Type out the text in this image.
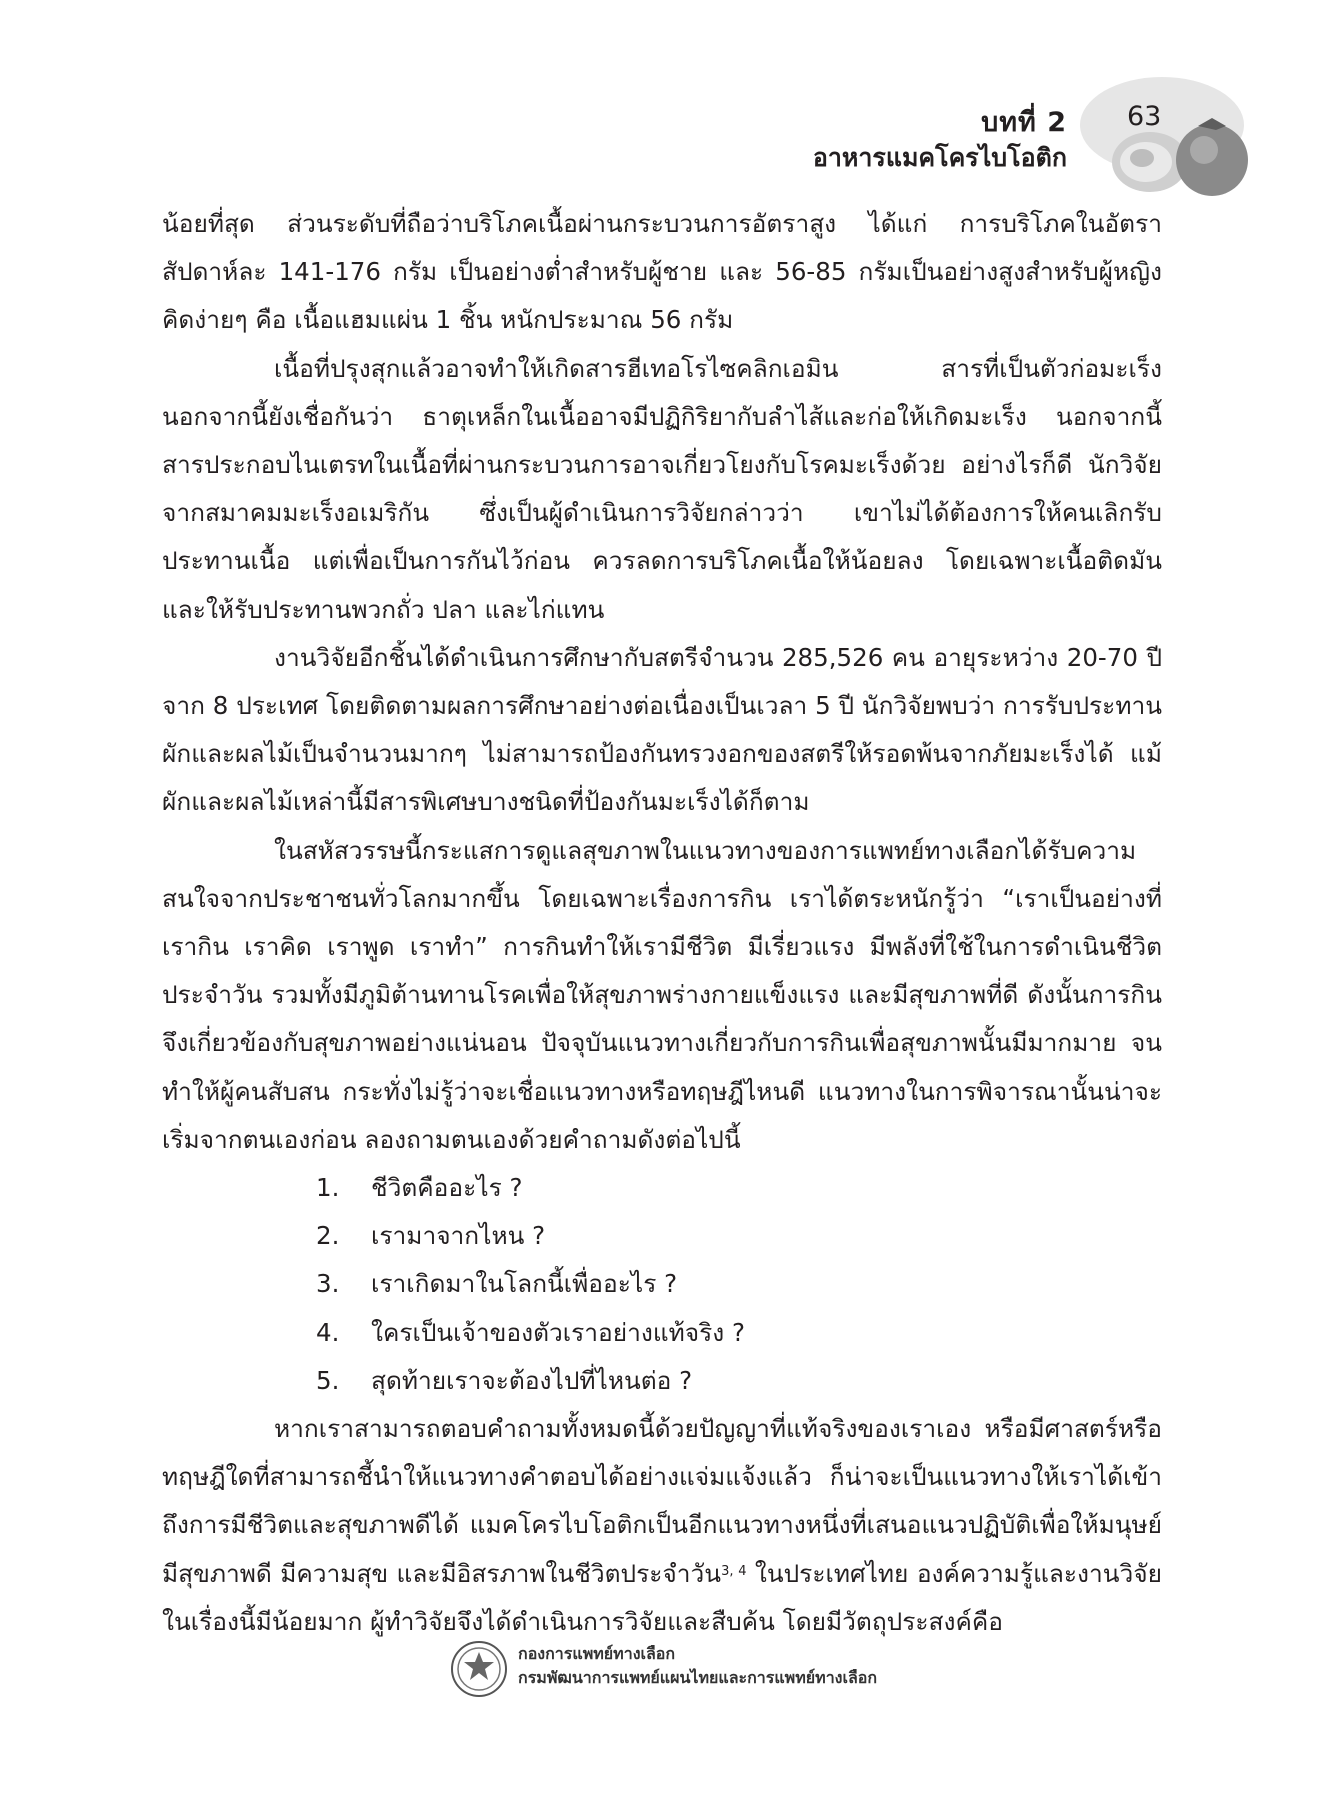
บทที่ 2
อาหารแมคโครไบโอติก
63

น้อยที่สุด ส่วนระดับที่ถือว่าบริโภคเนื้อผ่านกระบวนการอัตราสูง ได้แก่ การบริโภคในอัตราสัปดาห์ละ 141-176 กรัม เป็นอย่างต่ำสำหรับผู้ชาย และ 56-85 กรัมเป็นอย่างสูงสำหรับผู้หญิง คิดง่ายๆ คือ เนื้อแฮมแผ่น 1 ชิ้น หนักประมาณ 56 กรัม

เนื้อที่ปรุงสุกแล้วอาจทำให้เกิดสารฮีเทอโรไซคลิกเอมิน สารที่เป็นตัวก่อมะเร็ง นอกจากนี้ยังเชื่อกันว่า ธาตุเหล็กในเนื้ออาจมีปฏิกิริยากับลำไส้และก่อให้เกิดมะเร็ง นอกจากนี้สารประกอบไนเตรทในเนื้อที่ผ่านกระบวนการอาจเกี่ยวโยงกับโรคมะเร็งด้วย อย่างไรก็ดี นักวิจัยจากสมาคมมะเร็งอเมริกัน ซึ่งเป็นผู้ดำเนินการวิจัยกล่าวว่า เขาไม่ได้ต้องการให้คนเลิกรับประทานเนื้อ แต่เพื่อเป็นการกันไว้ก่อน ควรลดการบริโภคเนื้อให้น้อยลง โดยเฉพาะเนื้อติดมัน และให้รับประทานพวกถั่ว ปลา และไก่แทน

งานวิจัยอีกชิ้นได้ดำเนินการศึกษากับสตรีจำนวน 285,526 คน อายุระหว่าง 20-70 ปี จาก 8 ประเทศ โดยติดตามผลการศึกษาอย่างต่อเนื่องเป็นเวลา 5 ปี นักวิจัยพบว่า การรับประทานผักและผลไม้เป็นจำนวนมากๆ ไม่สามารถป้องกันทรวงอกของสตรีให้รอดพ้นจากภัยมะเร็งได้ แม้ผักและผลไม้เหล่านี้มีสารพิเศษบางชนิดที่ป้องกันมะเร็งได้ก็ตาม

ในสหัสวรรษนี้กระแสการดูแลสุขภาพในแนวทางของการแพทย์ทางเลือกได้รับความสนใจจากประชาชนทั่วโลกมากขึ้น โดยเฉพาะเรื่องการกิน เราได้ตระหนักรู้ว่า “เราเป็นอย่างที่เรากิน เราคิด เราพูด เราทำ” การกินทำให้เรามีชีวิต มีเรี่ยวแรง มีพลังที่ใช้ในการดำเนินชีวิตประจำวัน รวมทั้งมีภูมิต้านทานโรคเพื่อให้สุขภาพร่างกายแข็งแรง และมีสุขภาพที่ดี ดังนั้นการกินจึงเกี่ยวข้องกับสุขภาพอย่างแน่นอน ปัจจุบันแนวทางเกี่ยวกับการกินเพื่อสุขภาพนั้นมีมากมาย จนทำให้ผู้คนสับสน กระทั่งไม่รู้ว่าจะเชื่อแนวทางหรือทฤษฎีไหนดี แนวทางในการพิจารณานั้นน่าจะเริ่มจากตนเองก่อน ลองถามตนเองด้วยคำถามดังต่อไปนี้

1.	ชีวิตคืออะไร ?
2.	เรามาจากไหน ?
3.	เราเกิดมาในโลกนี้เพื่ออะไร ?
4.	ใครเป็นเจ้าของตัวเราอย่างแท้จริง ?
5.	สุดท้ายเราจะต้องไปที่ไหนต่อ ?

หากเราสามารถตอบคำถามทั้งหมดนี้ด้วยปัญญาที่แท้จริงของเราเอง หรือมีศาสตร์หรือทฤษฎีใดที่สามารถชี้นำให้แนวทางคำตอบได้อย่างแจ่มแจ้งแล้ว ก็น่าจะเป็นแนวทางให้เราได้เข้าถึงการมีชีวิตและสุขภาพดีได้ แมคโครไบโอติกเป็นอีกแนวทางหนึ่งที่เสนอแนวปฏิบัติเพื่อให้มนุษย์มีสุขภาพดี มีความสุข และมีอิสรภาพในชีวิตประจำวัน$^{3, 4}$ ในประเทศไทย องค์ความรู้และงานวิจัยในเรื่องนี้มีน้อยมาก ผู้ทำวิจัยจึงได้ดำเนินการวิจัยและสืบค้น โดยมีวัตถุประสงค์คือ

กองการแพทย์ทางเลือก
กรมพัฒนาการแพทย์แผนไทยและการแพทย์ทางเลือก
